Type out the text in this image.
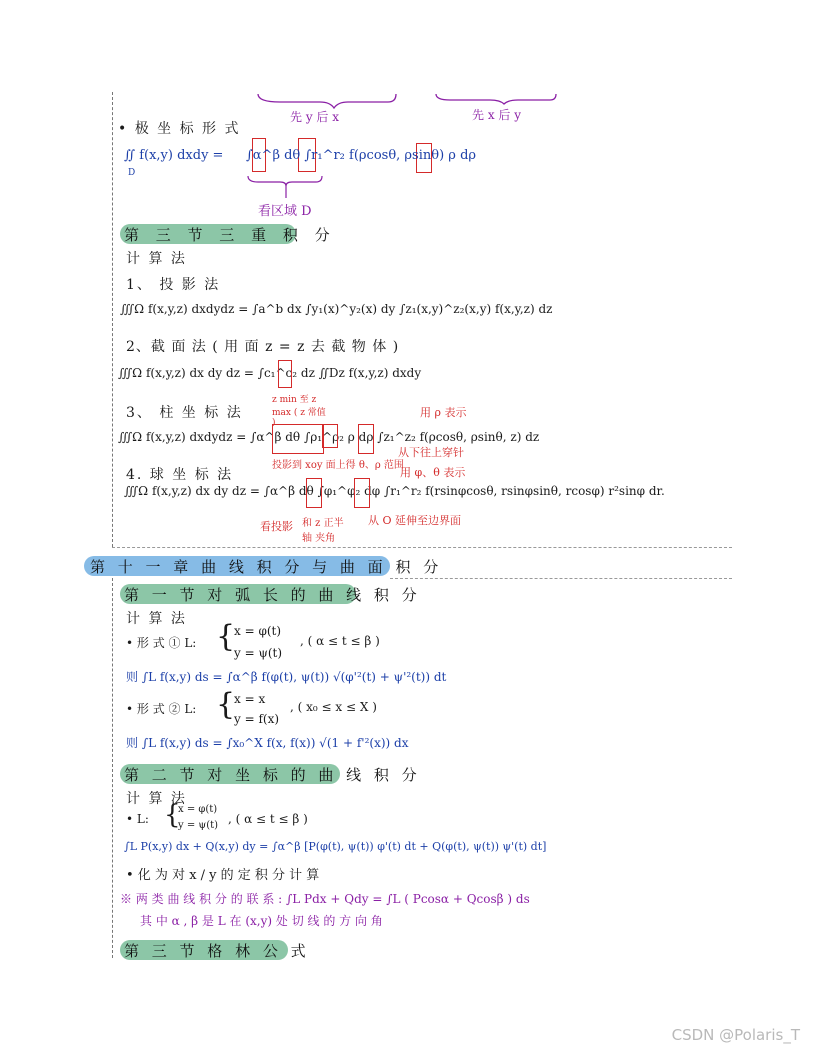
先 y 后 x	先 x 后 y
• 极 坐 标 形 式
∬ f(x,y) dxdy =
D
∫α^β dθ ∫r₁^r₂ f(ρcosθ, ρsinθ) ρ dρ
看区域 D
第 三 节 三 重 积 分
计 算 法
1、 投 影 法
∭Ω f(x,y,z) dxdydz = ∫a^b dx ∫y₁(x)^y₂(x) dy ∫z₁(x,y)^z₂(x,y) f(x,y,z) dz
2、截 面 法 ( 用 面 z = z 去 截 物 体 )
∭Ω f(x,y,z) dx dy dz = ∫c₁^c₂ dz ∬Dz f(x,y,z) dxdy
z min 至 z max ( z 常值 )
3、 柱 坐 标 法
∭Ω f(x,y,z) dxdydz = ∫α^β dθ ∫ρ₁^ρ₂ ρ dρ ∫z₁^z₂ f(ρcosθ, ρsinθ, z) dz
用 ρ 表示
从下往上穿针
投影到 xoy 面上得 θ、ρ 范围
4. 球 坐 标 法
∭Ω f(x,y,z) dx dy dz = ∫α^β dθ ∫φ₁^φ₂ dφ ∫r₁^r₂ f(rsinφcosθ, rsinφsinθ, rcosφ) r²sinφ dr.
用 φ、θ 表示
从 O 延伸至边界面
看投影 和 z 正半轴 夹角
第 十 一 章 曲 线 积 分 与 曲 面 积 分
第 一 节 对 弧 长 的 曲 线 积 分
计 算 法
• 形 式 ① L: {
x = φ(t)
y = ψ(t)
, ( α ≤ t ≤ β )
则 ∫L f(x,y) ds = ∫α^β f(φ(t), ψ(t)) √(φ'²(t) + ψ'²(t)) dt
• 形 式 ② L: {
x = x
y = f(x)
, ( x₀ ≤ x ≤ X )
则 ∫L f(x,y) ds = ∫x₀^X f(x, f(x)) √(1 + f'²(x)) dx
第 二 节 对 坐 标 的 曲 线 积 分
计 算 法
• L: {
x = φ(t)
y = ψ(t) , ( α ≤ t ≤ β )
∫L P(x,y) dx + Q(x,y) dy = ∫α^β [P(φ(t), ψ(t)) φ'(t) dt + Q(φ(t), ψ(t)) ψ'(t) dt]
• 化 为 对 x / y 的 定 积 分 计 算
※ 两 类 曲 线 积 分 的 联 系 : ∫L Pdx + Qdy = ∫L ( Pcosα + Qcosβ ) ds
其 中 α , β 是 L 在 (x,y) 处 切 线 的 方 向 角
第 三 节 格 林 公 式
CSDN @Polaris_T
